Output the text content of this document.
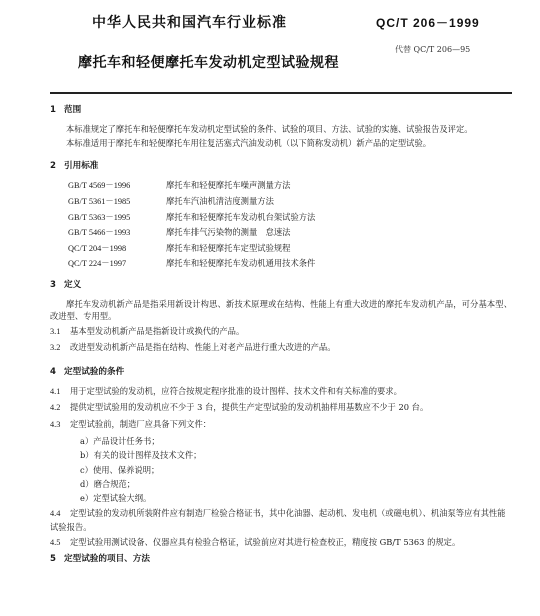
中华人民共和国汽车行业标准	QC/T 206－1999
摩托车和轻便摩托车发动机定型试验规程
代替 QC/T 206—95
1 范围

本标准规定了摩托车和轻便摩托车发动机定型试验的条件、试验的项目、方法、试验的实施、试验报告及评定。

本标准适用于摩托车和轻便摩托车用往复活塞式汽油发动机（以下简称发动机）新产品的定型试验。

2 引用标准
GB/T 4569－1996	摩托车和轻便摩托车噪声测量方法
GB/T 5361－1985	摩托车汽油机清洁度测量方法
GB/T 5363－1995	摩托车和轻便摩托车发动机台架试验方法
GB/T 5466－1993	摩托车排气污染物的测量　怠速法
QC/T 204－1998	摩托车和轻便摩托车定型试验规程
QC/T 224－1997	摩托车和轻便摩托车发动机通用技术条件
3 定义

摩托车发动机新产品是指采用新设计构思、新技术原理或在结构、性能上有重大改进的摩托车发动机产品，可分基本型、改进型、专用型。

3.1 基本型发动机新产品是指新设计或换代的产品。
3.2 改进型发动机新产品是指在结构、性能上对老产品进行重大改进的产品。
4 定型试验的条件
4.1 用于定型试验的发动机，应符合按规定程序批准的设计图样、技术文件和有关标准的要求。
4.2 提供定型试验用的发动机应不少于 3 台，提供生产定型试验的发动机抽样用基数应不少于 20 台。
4.3 定型试验前，制造厂应具备下列文件：
a）产品设计任务书；
b）有关的设计图样及技术文件；
c）使用、保养说明；
d）磨合规范；
e）定型试验大纲。
4.4 定型试验的发动机所装附件应有制造厂检验合格证书，其中化油器、起动机、发电机（或磁电机）、机油泵等应有其性能试验报告。
4.5 定型试验用测试设备、仪器应具有检验合格证，试验前应对其进行检查校正，精度按 GB/T 5363 的规定。
5 定型试验的项目、方法
